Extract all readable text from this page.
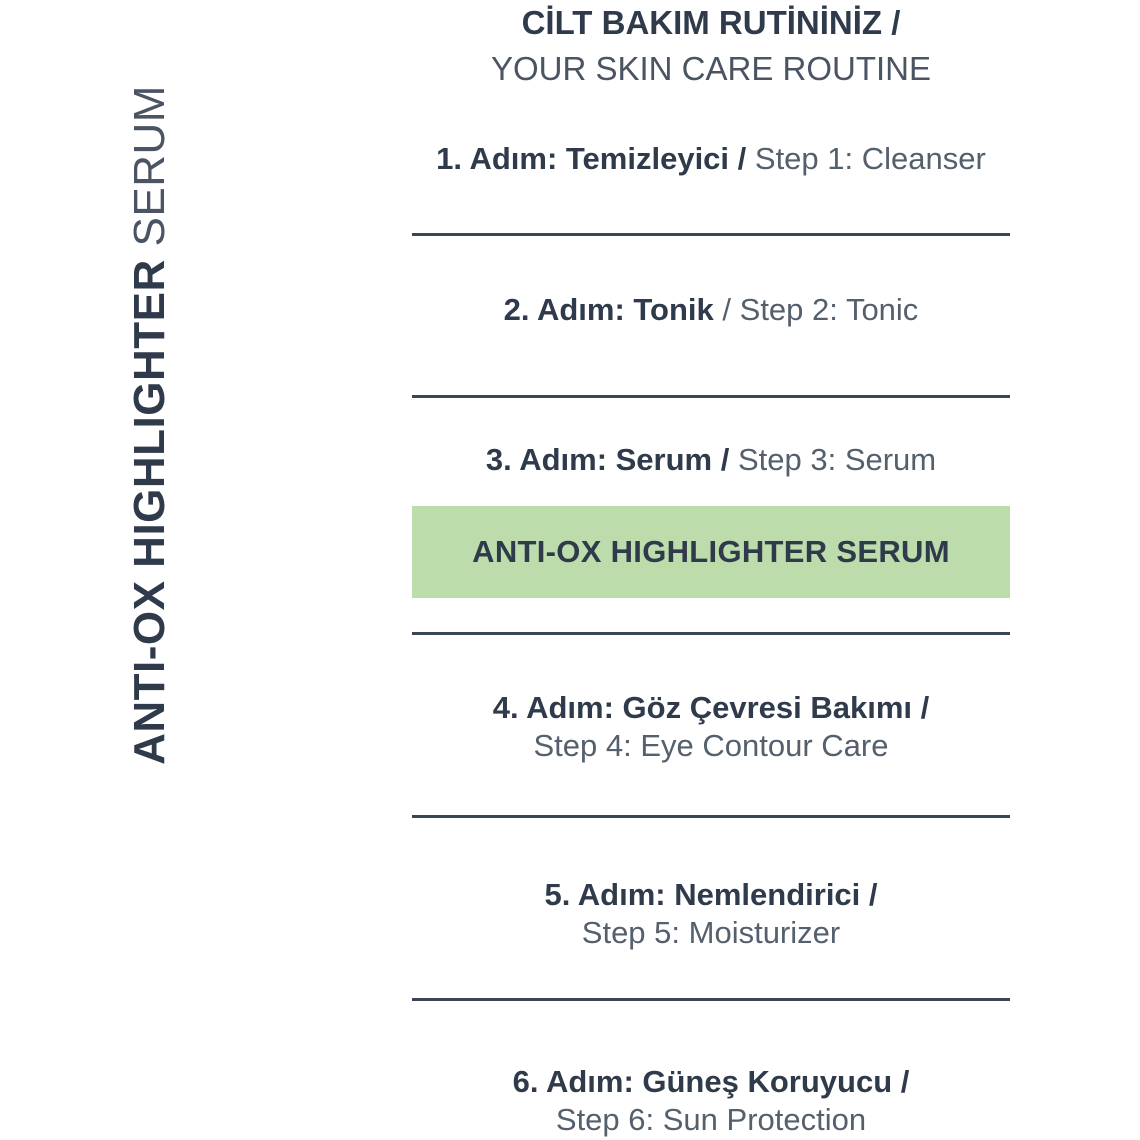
ANTI-OX HIGHLIGHTER SERUM
CİLT BAKIM RUTİNİNİZ /
YOUR SKIN CARE ROUTINE
1. Adım: Temizleyici / Step 1: Cleanser
2. Adım: Tonik / Step 2: Tonic
3. Adım: Serum / Step 3: Serum
ANTI-OX HIGHLIGHTER SERUM
4. Adım: Göz Çevresi Bakımı /
Step 4: Eye Contour Care
5. Adım: Nemlendirici /
Step 5: Moisturizer
6. Adım: Güneş Koruyucu /
Step 6: Sun Protection
